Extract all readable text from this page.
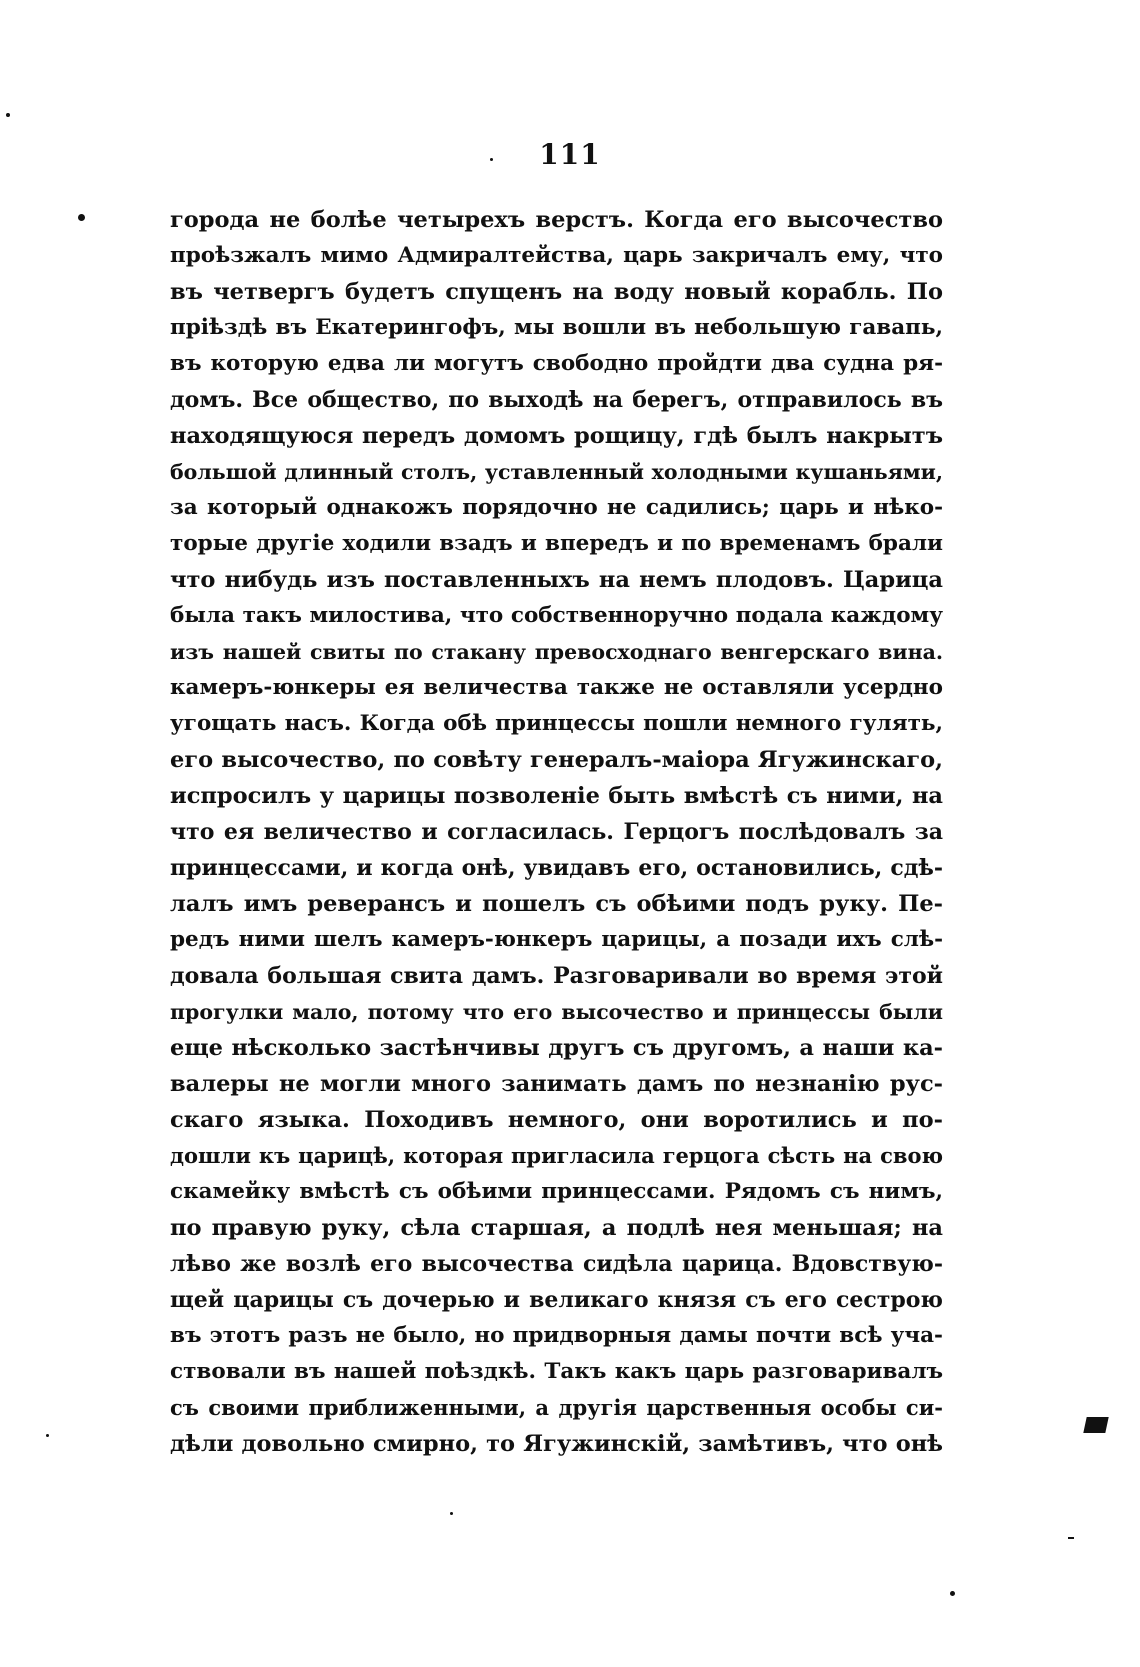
111
города не болѣе четырехъ верстъ. Когда его высочество
проѣзжалъ мимо Адмиралтейства, царь закричалъ ему, что
въ четвергъ будетъ спущенъ на воду новый корабль. По
пріѣздѣ въ Екатерингофъ, мы вошли въ небольшую гавапь,
въ которую едва ли могутъ свободно пройдти два судна ря-
домъ. Все общество, по выходѣ на берегъ, отправилось въ
находящуюся передъ домомъ рощицу, гдѣ былъ накрытъ
большой длинный столъ, уставленный холодными кушаньями,
за который однакожъ порядочно не садились; царь и нѣко-
торые другіе ходили взадъ и впередъ и по временамъ брали
что нибудь изъ поставленныхъ на немъ плодовъ. Царица
была такъ милостива, что собственноручно подала каждому
изъ нашей свиты по стакану превосходнаго венгерскаго вина.
камеръ-юнкеры ея величества также не оставляли усердно
угощать насъ. Когда обѣ принцессы пошли немного гулять,
его высочество, по совѣту генералъ-маіора Ягужинскаго,
испросилъ у царицы позволеніе быть вмѣстѣ съ ними, на
что ея величество и согласилась. Герцогъ послѣдовалъ за
принцессами, и когда онѣ, увидавъ его, остановились, сдѣ-
лалъ имъ реверансъ и пошелъ съ обѣими подъ руку. Пе-
редъ ними шелъ камеръ-юнкеръ царицы, а позади ихъ слѣ-
довала большая свита дамъ. Разговаривали во время этой
прогулки мало, потому что его высочество и принцессы были
еще нѣсколько застѣнчивы другъ съ другомъ, а наши ка-
валеры не могли много занимать дамъ по незнанію рус-
скаго языка. Походивъ немного, они воротились и по-
дошли къ царицѣ, которая пригласила герцога сѣсть на свою
скамейку вмѣстѣ съ обѣими принцессами. Рядомъ съ нимъ,
по правую руку, сѣла старшая, а подлѣ нея меньшая; на
лѣво же возлѣ его высочества сидѣла царица. Вдовствую-
щей царицы съ дочерью и великаго князя съ его сестрою
въ этотъ разъ не было, но придворныя дамы почти всѣ уча-
ствовали въ нашей поѣздкѣ. Такъ какъ царь разговаривалъ
съ своими приближенными, а другія царственныя особы си-
дѣли довольно смирно, то Ягужинскій, замѣтивъ, что онѣ
